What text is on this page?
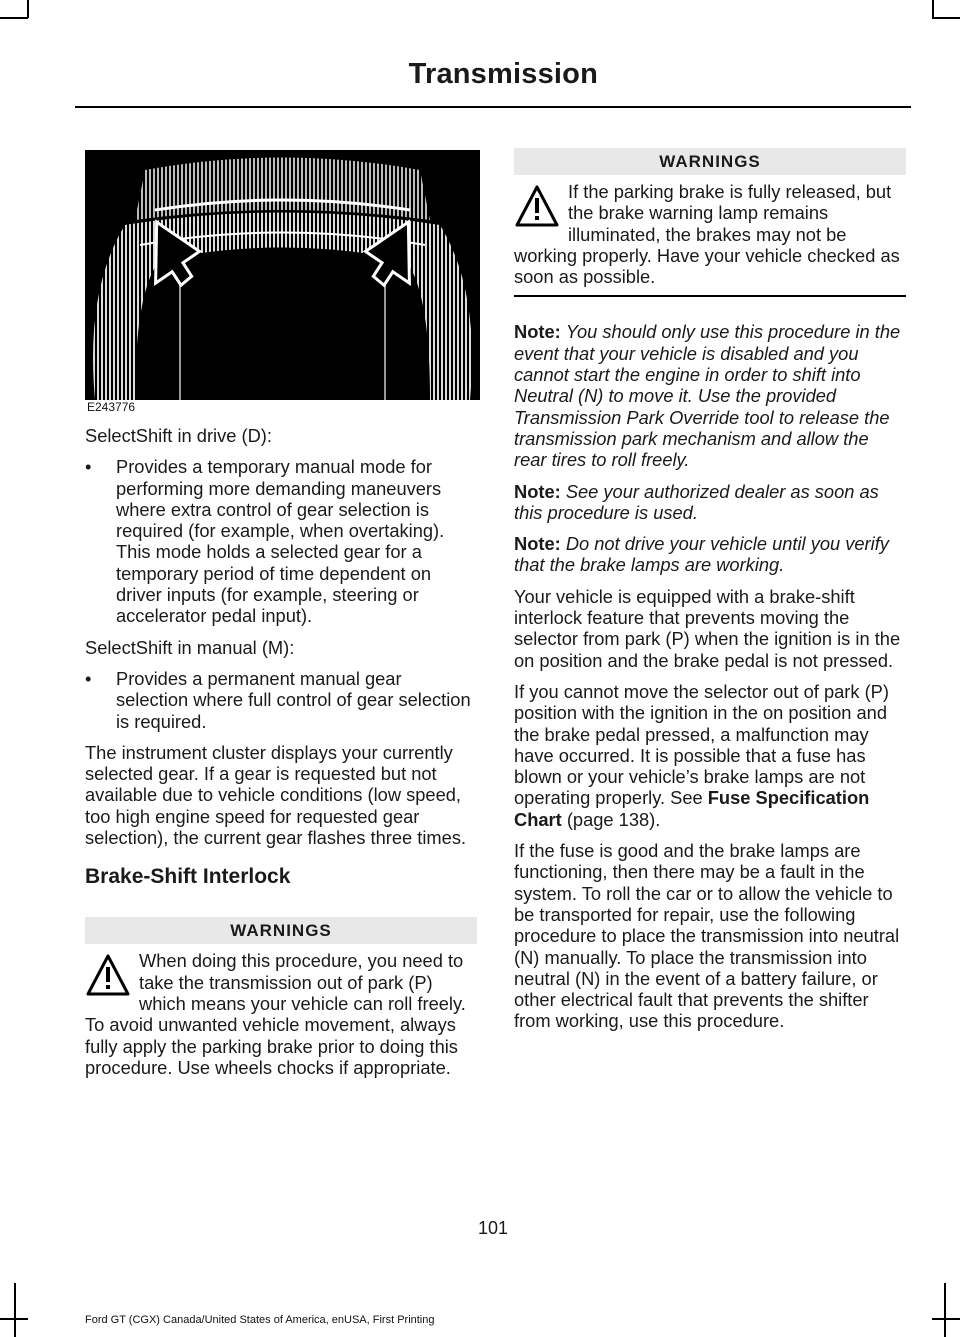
Transmission
E243776

SelectShift in drive (D):

• Provides a temporary manual mode for performing more demanding maneuvers where extra control of gear selection is required (for example, when overtaking). This mode holds a selected gear for a temporary period of time dependent on driver inputs (for example, steering or accelerator pedal input).

SelectShift in manual (M):

• Provides a permanent manual gear selection where full control of gear selection is required.

The instrument cluster displays your currently selected gear. If a gear is requested but not available due to vehicle conditions (low speed, too high engine speed for requested gear selection), the current gear flashes three times.

Brake-Shift Interlock
WARNINGS
When doing this procedure, you need to take the transmission out of park (P) which means your vehicle can roll freely. To avoid unwanted vehicle movement, always fully apply the parking brake prior to doing this procedure. Use wheels chocks if appropriate.
WARNINGS
If the parking brake is fully released, but the brake warning lamp remains illuminated, the brakes may not be working properly. Have your vehicle checked as soon as possible.

Note: You should only use this procedure in the event that your vehicle is disabled and you cannot start the engine in order to shift into Neutral (N) to move it. Use the provided Transmission Park Override tool to release the transmission park mechanism and allow the rear tires to roll freely.

Note: See your authorized dealer as soon as this procedure is used.

Note: Do not drive your vehicle until you verify that the brake lamps are working.

Your vehicle is equipped with a brake-shift interlock feature that prevents moving the selector from park (P) when the ignition is in the on position and the brake pedal is not pressed.

If you cannot move the selector out of park (P) position with the ignition in the on position and the brake pedal pressed, a malfunction may have occurred. It is possible that a fuse has blown or your vehicle’s brake lamps are not operating properly. See Fuse Specification Chart (page 138).

If the fuse is good and the brake lamps are functioning, then there may be a fault in the system. To roll the car or to allow the vehicle to be transported for repair, use the following procedure to place the transmission into neutral (N) manually. To place the transmission into neutral (N) in the event of a battery failure, or other electrical fault that prevents the shifter from working, use this procedure.

101
Ford GT (CGX) Canada/United States of America, enUSA, First Printing
